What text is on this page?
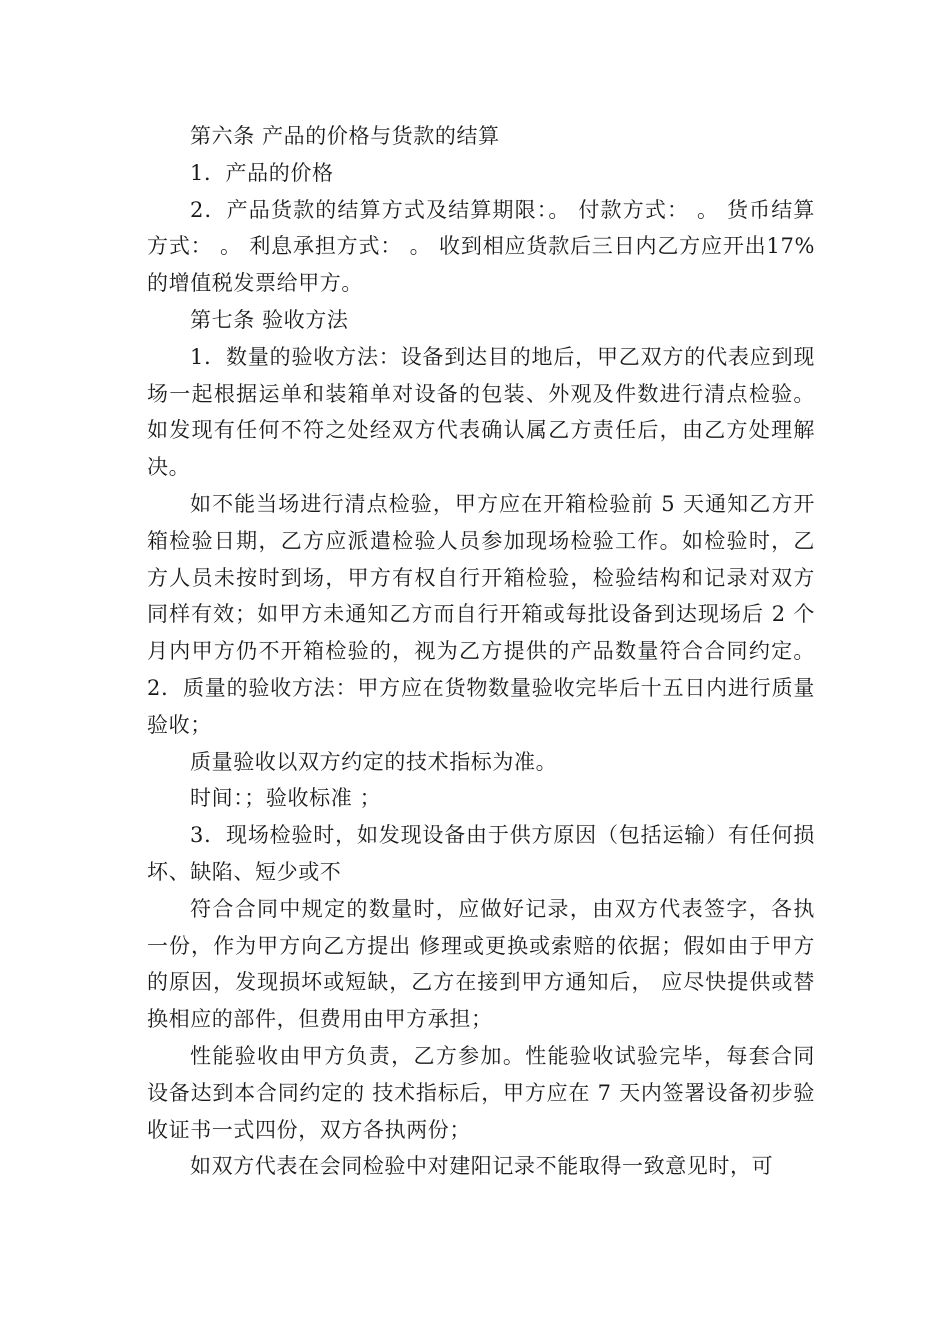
第六条 产品的价格与货款的结算

1．产品的价格

2．产品货款的结算方式及结算期限：。 付款方式： 。 货币结算方式： 。 利息承担方式： 。 收到相应货款后三日内乙方应开出17%的增值税发票给甲方。

第七条 验收方法

1．数量的验收方法：设备到达目的地后，甲乙双方的代表应到现场一起根据运单和装箱单对设备的包装、外观及件数进行清点检验。如发现有任何不符之处经双方代表确认属乙方责任后，由乙方处理解决。

如不能当场进行清点检验，甲方应在开箱检验前 5 天通知乙方开箱检验日期，乙方应派遣检验人员参加现场检验工作。如检验时，乙方人员未按时到场，甲方有权自行开箱检验，检验结构和记录对双方同样有效；如甲方未通知乙方而自行开箱或每批设备到达现场后 2 个月内甲方仍不开箱检验的，视为乙方提供的产品数量符合合同约定。2．质量的验收方法：甲方应在货物数量验收完毕后十五日内进行质量验收；

质量验收以双方约定的技术指标为准。

时间：；验收标准 ；

3．现场检验时，如发现设备由于供方原因（包括运输）有任何损坏、缺陷、短少或不

符合合同中规定的数量时，应做好记录，由双方代表签字，各执一份，作为甲方向乙方提出 修理或更换或索赔的依据；假如由于甲方的原因，发现损坏或短缺，乙方在接到甲方通知后， 应尽快提供或替换相应的部件，但费用由甲方承担；

性能验收由甲方负责，乙方参加。性能验收试验完毕，每套合同设备达到本合同约定的 技术指标后，甲方应在 7 天内签署设备初步验收证书一式四份，双方各执两份；

如双方代表在会同检验中对建阳记录不能取得一致意见时，可
